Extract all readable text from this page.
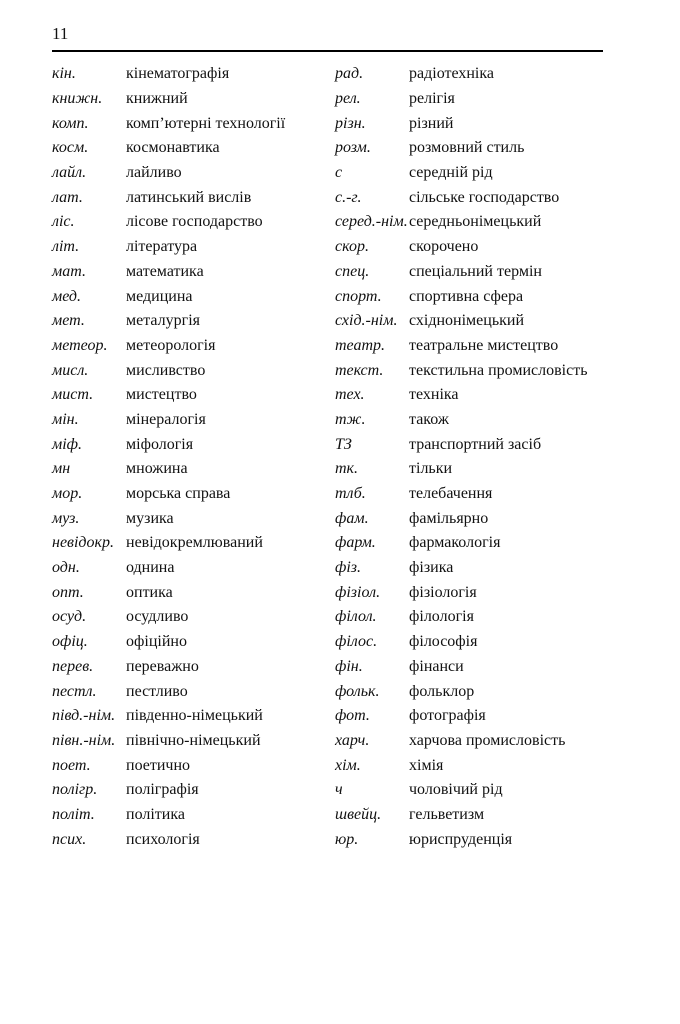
11
кін.	кінематографія
книжн.	книжний
комп.	комп’ютерні технології
косм.	космонавтика
лайл.	лайливо
лат.	латинський вислів
ліс.	лісове господарство
літ.	література
мат.	математика
мед.	медицина
мет.	металургія
метеор.	метеорологія
мисл.	мисливство
мист.	мистецтво
мін.	мінералогія
міф.	міфологія
мн	множина
мор.	морська справа
муз.	музика
невідокр. невідокремлюваний
одн.	однина
опт.	оптика
осуд.	осудливо
офіц.	офіційно
перев.	переважно
пестл.	пестливо
півд.-нім. південно-німецький
півн.-нім. північно-німецький
поет.	поетично
полігр.	поліграфія
політ.	політика
псих.	психологія
рад.	радіотехніка
рел.	релігія
різн.	різний
розм.	розмовний стиль
с	середній рід
с.-г.	сільське господарство
серед.-нім. середньонімецький
скор.	скорочено
спец.	спеціальний термін
спорт.	спортивна сфера
схід.-нім. східнонімецький
театр.	театральне мистецтво
текст.	текстильна промисловість
тех.	техніка
тж.	також
ТЗ	транспортний засіб
тк.	тільки
тлб.	телебачення
фам.	фамільярно
фарм.	фармакологія
фіз.	фізика
фізіол.	фізіологія
філол.	філологія
філос.	філософія
фін.	фінанси
фольк.	фольклор
фот.	фотографія
харч.	харчова промисловість
хім.	хімія
ч	чоловічий рід
швейц.	гельветизм
юр.	юриспруденція
